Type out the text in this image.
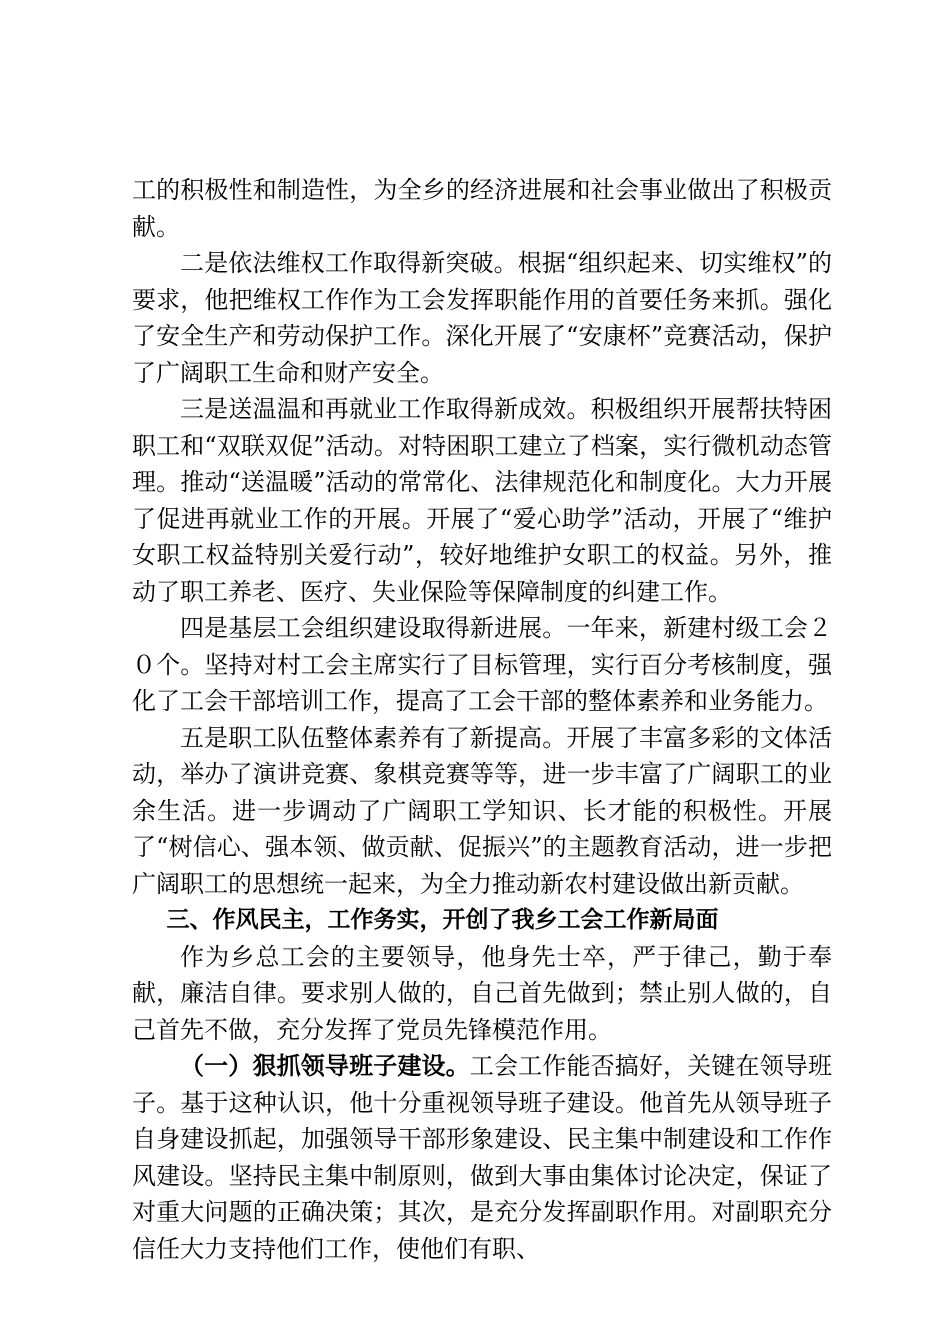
工的积极性和制造性，为全乡的经济进展和社会事业做出了积极贡献。

二是依法维权工作取得新突破。根据“组织起来、切实维权”的要求，他把维权工作作为工会发挥职能作用的首要任务来抓。强化了安全生产和劳动保护工作。深化开展了“安康杯”竞赛活动，保护了广阔职工生命和财产安全。

三是送温温和再就业工作取得新成效。积极组织开展帮扶特困职工和“双联双促”活动。对特困职工建立了档案，实行微机动态管理。推动“送温暖”活动的常常化、法律规范化和制度化。大力开展了促进再就业工作的开展。开展了“爱心助学”活动，开展了“维护女职工权益特别关爱行动”，较好地维护女职工的权益。另外，推动了职工养老、医疗、失业保险等保障制度的纠建工作。

四是基层工会组织建设取得新进展。一年来，新建村级工会２０个。坚持对村工会主席实行了目标管理，实行百分考核制度，强化了工会干部培训工作，提高了工会干部的整体素养和业务能力。

五是职工队伍整体素养有了新提高。开展了丰富多彩的文体活动，举办了演讲竞赛、象棋竞赛等等，进一步丰富了广阔职工的业余生活。进一步调动了广阔职工学知识、长才能的积极性。开展了“树信心、强本领、做贡献、促振兴”的主题教育活动，进一步把广阔职工的思想统一起来，为全力推动新农村建设做出新贡献。

三、作风民主，工作务实，开创了我乡工会工作新局面

作为乡总工会的主要领导，他身先士卒，严于律己，勤于奉献，廉洁自律。要求别人做的，自己首先做到；禁止别人做的，自己首先不做，充分发挥了党员先锋模范作用。

（一）狠抓领导班子建设。工会工作能否搞好，关键在领导班子。基于这种认识，他十分重视领导班子建设。他首先从领导班子自身建设抓起，加强领导干部形象建设、民主集中制建设和工作作风建设。坚持民主集中制原则，做到大事由集体讨论决定，保证了对重大问题的正确决策；其次，是充分发挥副职作用。对副职充分信任大力支持他们工作，使他们有职、
